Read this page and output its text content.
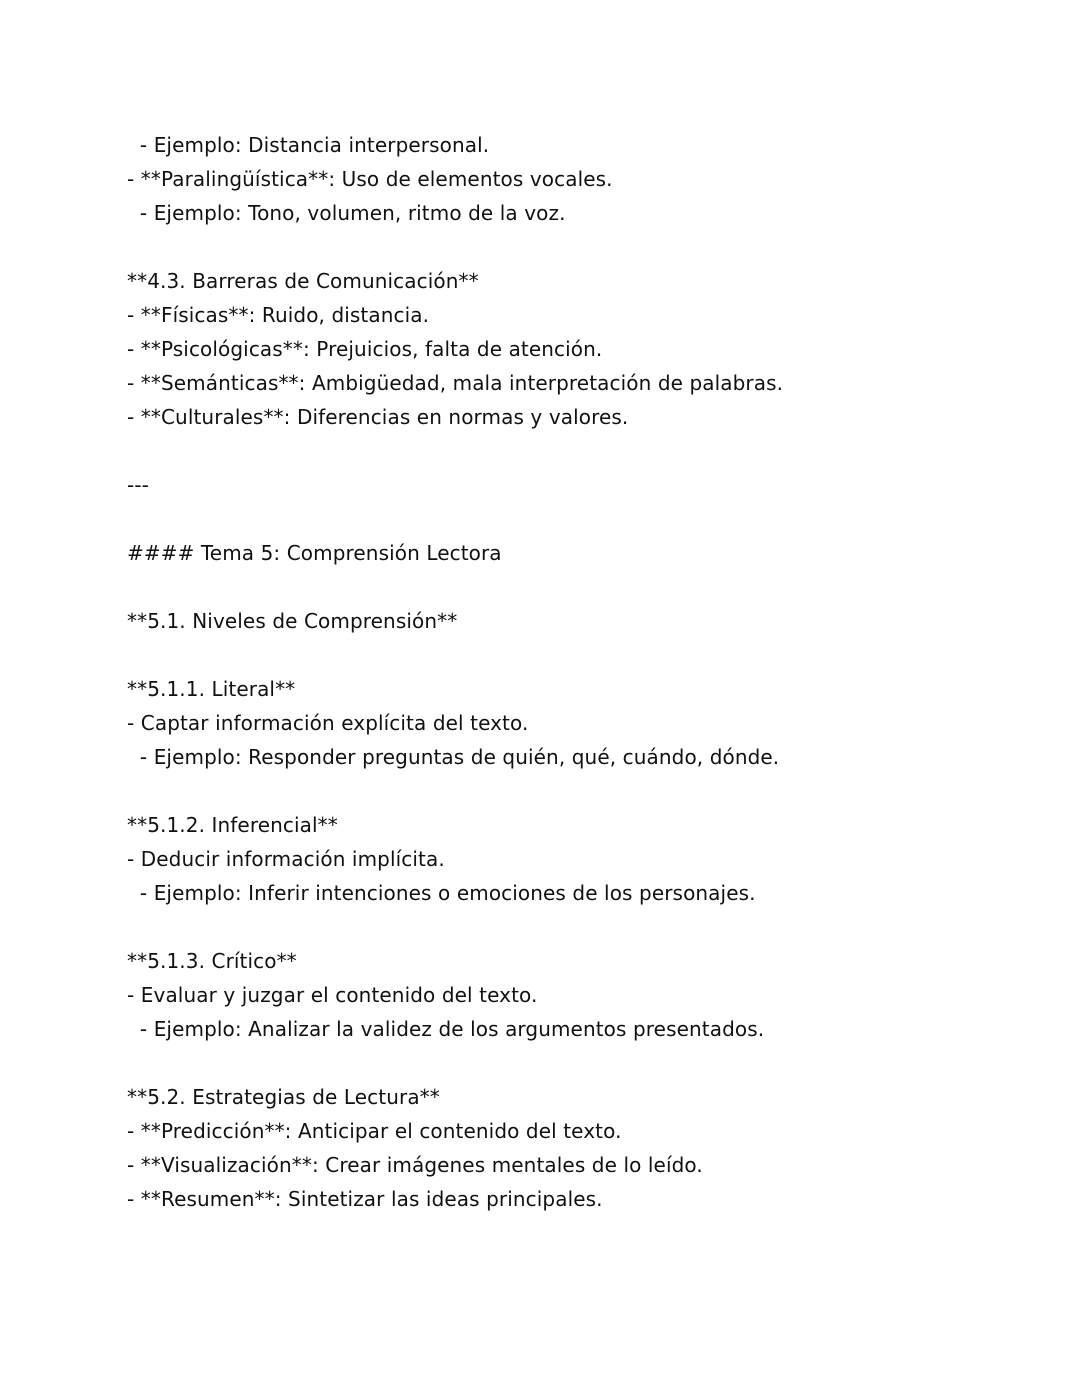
- Ejemplo: Distancia interpersonal.
- **Paralingüística**: Uso de elementos vocales.
- Ejemplo: Tono, volumen, ritmo de la voz.
**4.3. Barreras de Comunicación**
- **Físicas**: Ruido, distancia.
- **Psicológicas**: Prejuicios, falta de atención.
- **Semánticas**: Ambigüedad, mala interpretación de palabras.
- **Culturales**: Diferencias en normas y valores.
---
#### Tema 5: Comprensión Lectora
**5.1. Niveles de Comprensión**
**5.1.1. Literal**
- Captar información explícita del texto.
- Ejemplo: Responder preguntas de quién, qué, cuándo, dónde.
**5.1.2. Inferencial**
- Deducir información implícita.
- Ejemplo: Inferir intenciones o emociones de los personajes.
**5.1.3. Crítico**
- Evaluar y juzgar el contenido del texto.
- Ejemplo: Analizar la validez de los argumentos presentados.
**5.2. Estrategias de Lectura**
- **Predicción**: Anticipar el contenido del texto.
- **Visualización**: Crear imágenes mentales de lo leído.
- **Resumen**: Sintetizar las ideas principales.
